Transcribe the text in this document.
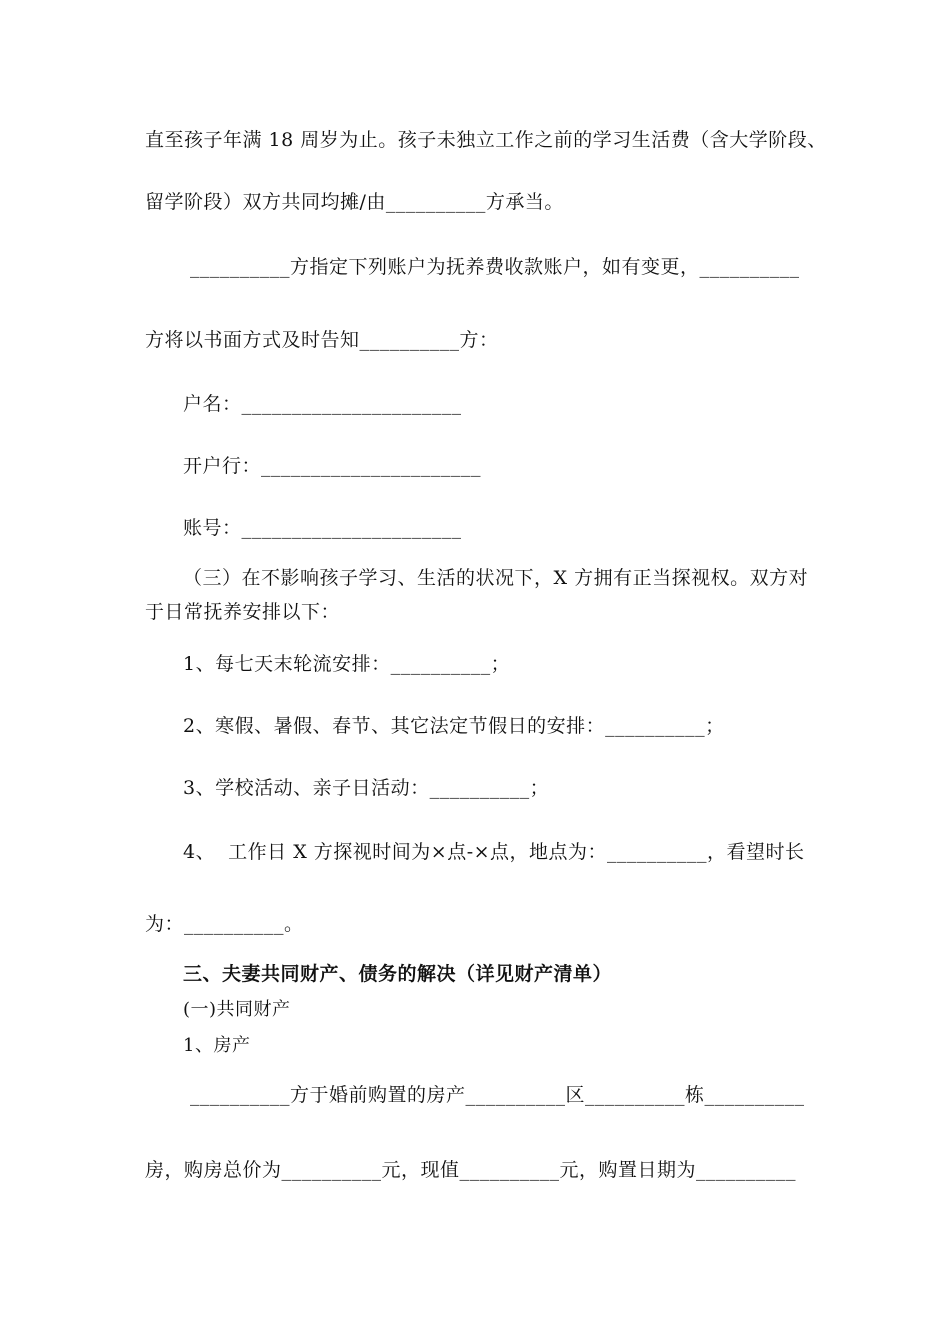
直至孩子年满 18 周岁为止。孩子未独立工作之前的学习生活费（含大学阶段、
留学阶段）双方共同均摊/由__________方承当。
__________方指定下列账户为抚养费收款账户，如有变更，__________
方将以书面方式及时告知__________方：
户名：______________________
开户行：______________________
账号：______________________
（三）在不影响孩子学习、生活的状况下，X 方拥有正当探视权。双方对
于日常抚养安排以下：
1、每七天末轮流安排：__________；
2、寒假、暑假、春节、其它法定节假日的安排：__________；
3、学校活动、亲子日活动：__________；
4、  工作日 X 方探视时间为×点-×点，地点为：__________，看望时长
为：__________。
三、夫妻共同财产、债务的解决（详见财产清单）
(一)共同财产
1、房产
__________方于婚前购置的房产__________区__________栋__________
房，购房总价为__________元，现值__________元，购置日期为__________
